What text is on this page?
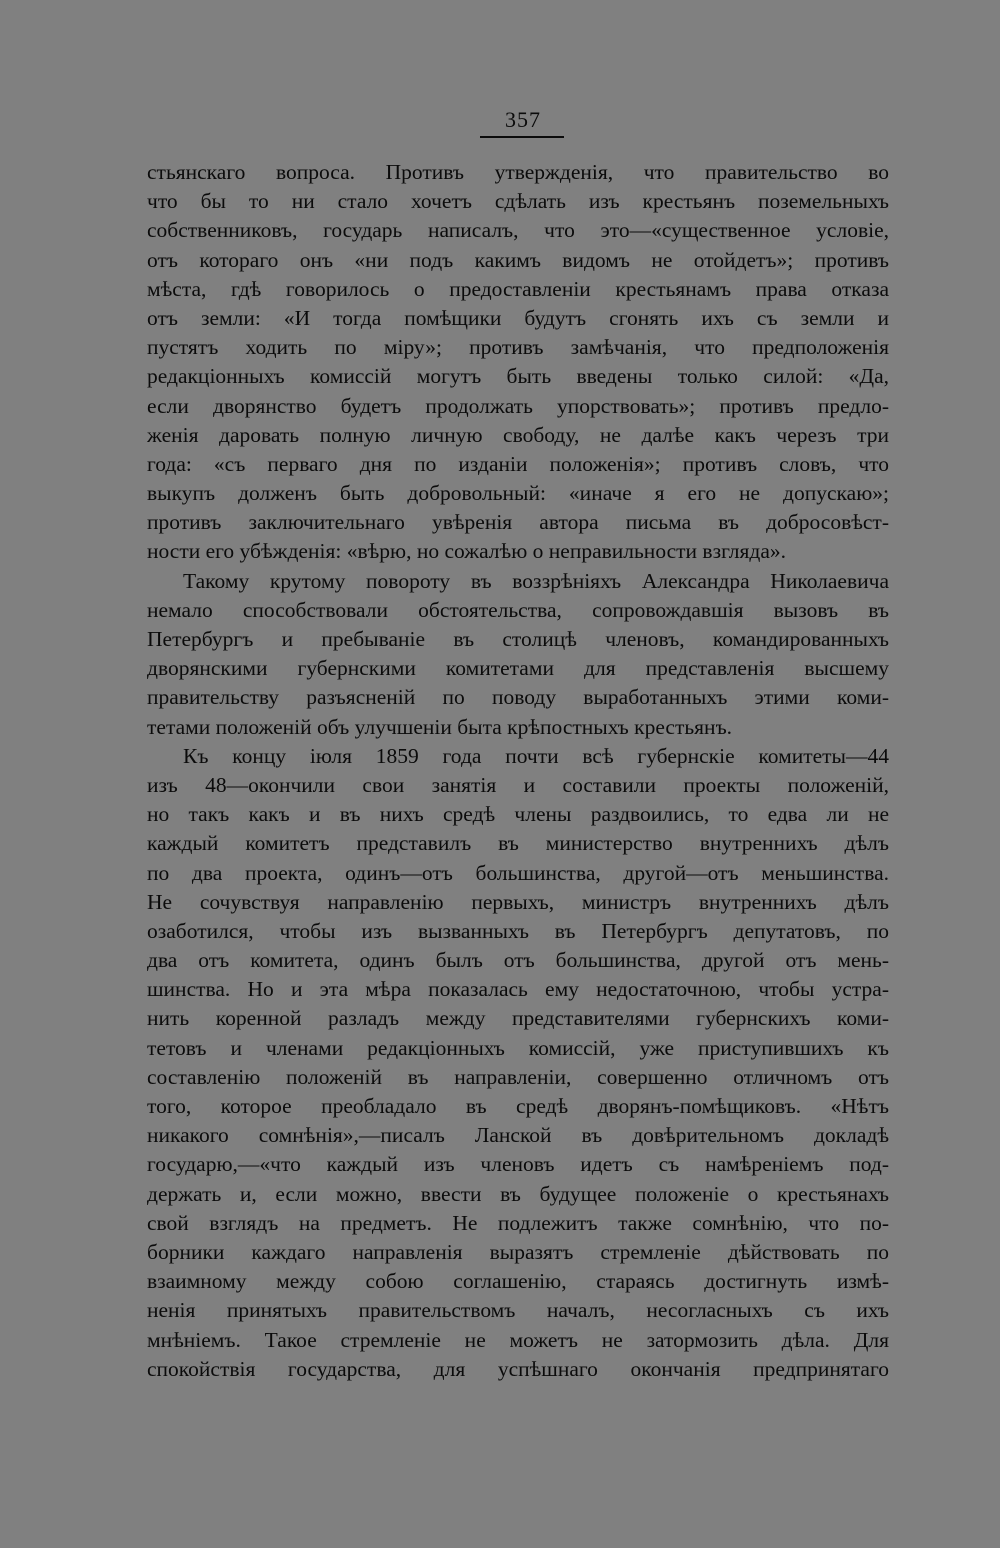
357
стьянскаго вопроса. Противъ утвержденія, что правительство во
что бы то ни стало хочетъ сдѣлать изъ крестьянъ поземельныхъ
собственниковъ, государь написалъ, что это—«существенное условіе,
отъ котораго онъ «ни подъ какимъ видомъ не отойдетъ»; противъ
мѣста, гдѣ говорилось о предоставленіи крестьянамъ права отказа
отъ земли: «И тогда помѣщики будутъ сгонять ихъ съ земли и
пустятъ ходить по міру»; противъ замѣчанія, что предположенія
редакціонныхъ комиссій могутъ быть введены только силой: «Да,
если дворянство будетъ продолжать упорствовать»; противъ предло-
женія даровать полную личную свободу, не далѣе какъ черезъ три
года: «съ перваго дня по изданіи положенія»; противъ словъ, что
выкупъ долженъ быть добровольный: «иначе я его не допускаю»;
противъ заключительнаго увѣренія автора письма въ добросовѣст-
ности его убѣжденія: «вѣрю, но сожалѣю о неправильности взгляда».
Такому крутому повороту въ воззрѣніяхъ Александра Николаевича
немало способствовали обстоятельства, сопровождавшія вызовъ въ
Петербургъ и пребываніе въ столицѣ членовъ, командированныхъ
дворянскими губернскими комитетами для представленія высшему
правительству разъясненій по поводу выработанныхъ этими коми-
тетами положеній объ улучшеніи быта крѣпостныхъ крестьянъ.
Къ концу іюля 1859 года почти всѣ губернскіе комитеты—44
изъ 48—окончили свои занятія и составили проекты положеній,
но такъ какъ и въ нихъ средѣ члены раздвоились, то едва ли не
каждый комитетъ представилъ въ министерство внутреннихъ дѣлъ
по два проекта, одинъ—отъ большинства, другой—отъ меньшинства.
Не сочувствуя направленію первыхъ, министръ внутреннихъ дѣлъ
озаботился, чтобы изъ вызванныхъ въ Петербургъ депутатовъ, по
два отъ комитета, одинъ былъ отъ большинства, другой отъ мень-
шинства. Но и эта мѣра показалась ему недостаточною, чтобы устра-
нить коренной разладъ между представителями губернскихъ коми-
тетовъ и членами редакціонныхъ комиссій, уже приступившихъ къ
составленію положеній въ направленіи, совершенно отличномъ отъ
того, которое преобладало въ средѣ дворянъ-помѣщиковъ. «Нѣтъ
никакого сомнѣнія»,—писалъ Ланской въ довѣрительномъ докладѣ
государю,—«что каждый изъ членовъ идетъ съ намѣреніемъ под-
держать и, если можно, ввести въ будущее положеніе о крестьянахъ
свой взглядъ на предметъ. Не подлежитъ также сомнѣнію, что по-
борники каждаго направленія выразятъ стремленіе дѣйствовать по
взаимному между собою соглашенію, стараясь достигнуть измѣ-
ненія принятыхъ правительствомъ началъ, несогласныхъ съ ихъ
мнѣніемъ. Такое стремленіе не можетъ не затормозить дѣла. Для
спокойствія государства, для успѣшнаго окончанія предпринятаго
